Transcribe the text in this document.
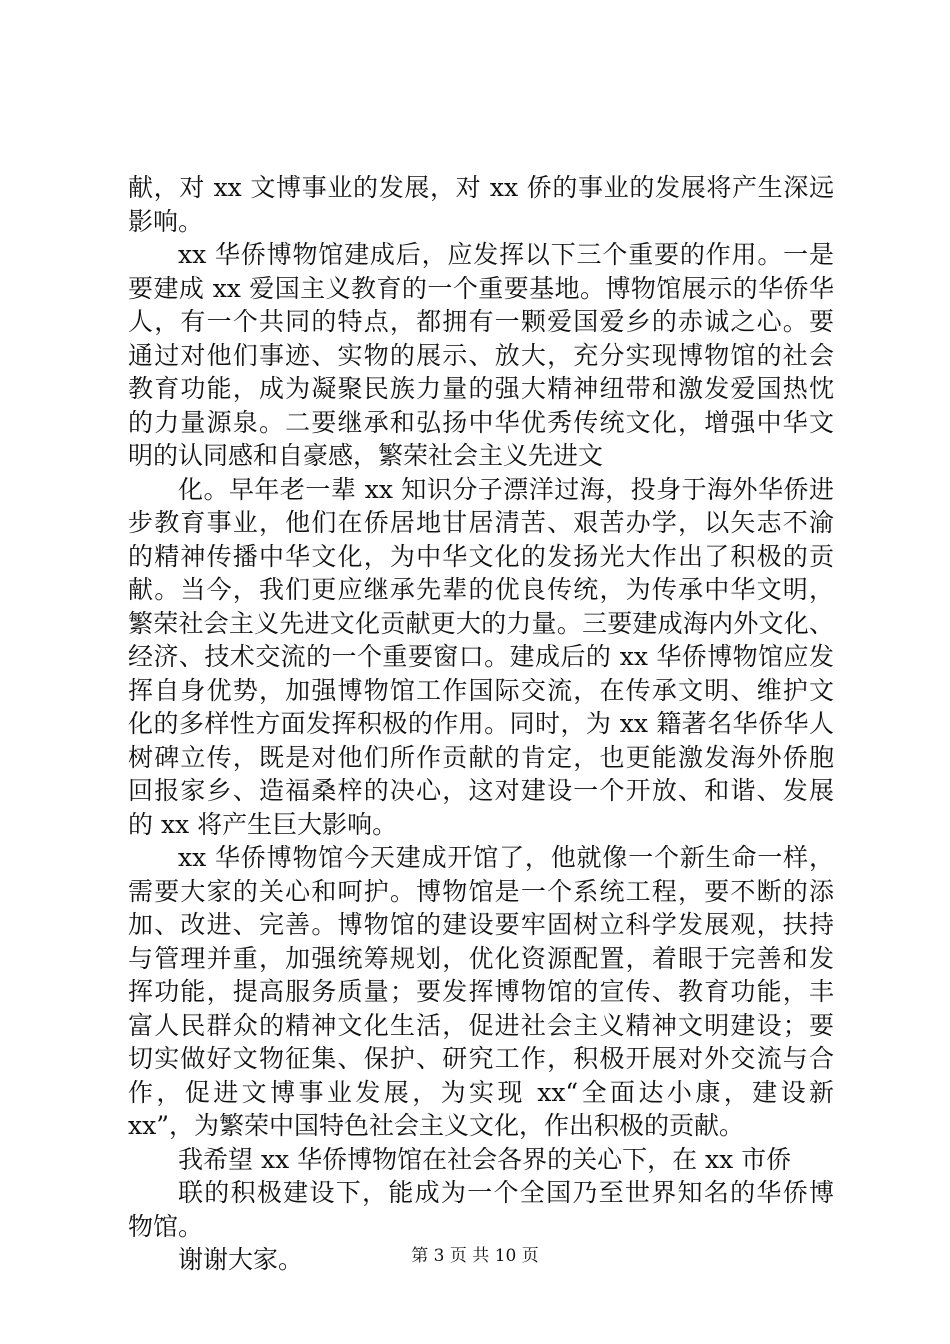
献，对 xx 文博事业的发展，对 xx 侨的事业的发展将产生深远
影响。
xx 华侨博物馆建成后，应发挥以下三个重要的作用。一是
要建成 xx 爱国主义教育的一个重要基地。博物馆展示的华侨华
人，有一个共同的特点，都拥有一颗爱国爱乡的赤诚之心。要
通过对他们事迹、实物的展示、放大，充分实现博物馆的社会
教育功能，成为凝聚民族力量的强大精神纽带和激发爱国热忱
的力量源泉。二要继承和弘扬中华优秀传统文化，增强中华文
明的认同感和自豪感，繁荣社会主义先进文
化。早年老一辈 xx 知识分子漂洋过海，投身于海外华侨进
步教育事业，他们在侨居地甘居清苦、艰苦办学，以矢志不渝
的精神传播中华文化，为中华文化的发扬光大作出了积极的贡
献。当今，我们更应继承先辈的优良传统，为传承中华文明，
繁荣社会主义先进文化贡献更大的力量。三要建成海内外文化、
经济、技术交流的一个重要窗口。建成后的 xx 华侨博物馆应发
挥自身优势，加强博物馆工作国际交流，在传承文明、维护文
化的多样性方面发挥积极的作用。同时，为 xx 籍著名华侨华人
树碑立传，既是对他们所作贡献的肯定，也更能激发海外侨胞
回报家乡、造福桑梓的决心，这对建设一个开放、和谐、发展
的 xx 将产生巨大影响。
xx 华侨博物馆今天建成开馆了，他就像一个新生命一样，
需要大家的关心和呵护。博物馆是一个系统工程，要不断的添
加、改进、完善。博物馆的建设要牢固树立科学发展观，扶持
与管理并重，加强统筹规划，优化资源配置，着眼于完善和发
挥功能，提高服务质量；要发挥博物馆的宣传、教育功能，丰
富人民群众的精神文化生活，促进社会主义精神文明建设；要
切实做好文物征集、保护、研究工作，积极开展对外交流与合
作，促进文博事业发展，为实现 xx“全面达小康，建设新
xx”，为繁荣中国特色社会主义文化，作出积极的贡献。
我希望 xx 华侨博物馆在社会各界的关心下，在 xx 市侨
联的积极建设下，能成为一个全国乃至世界知名的华侨博
物馆。
谢谢大家。	第 3 页 共 10 页
